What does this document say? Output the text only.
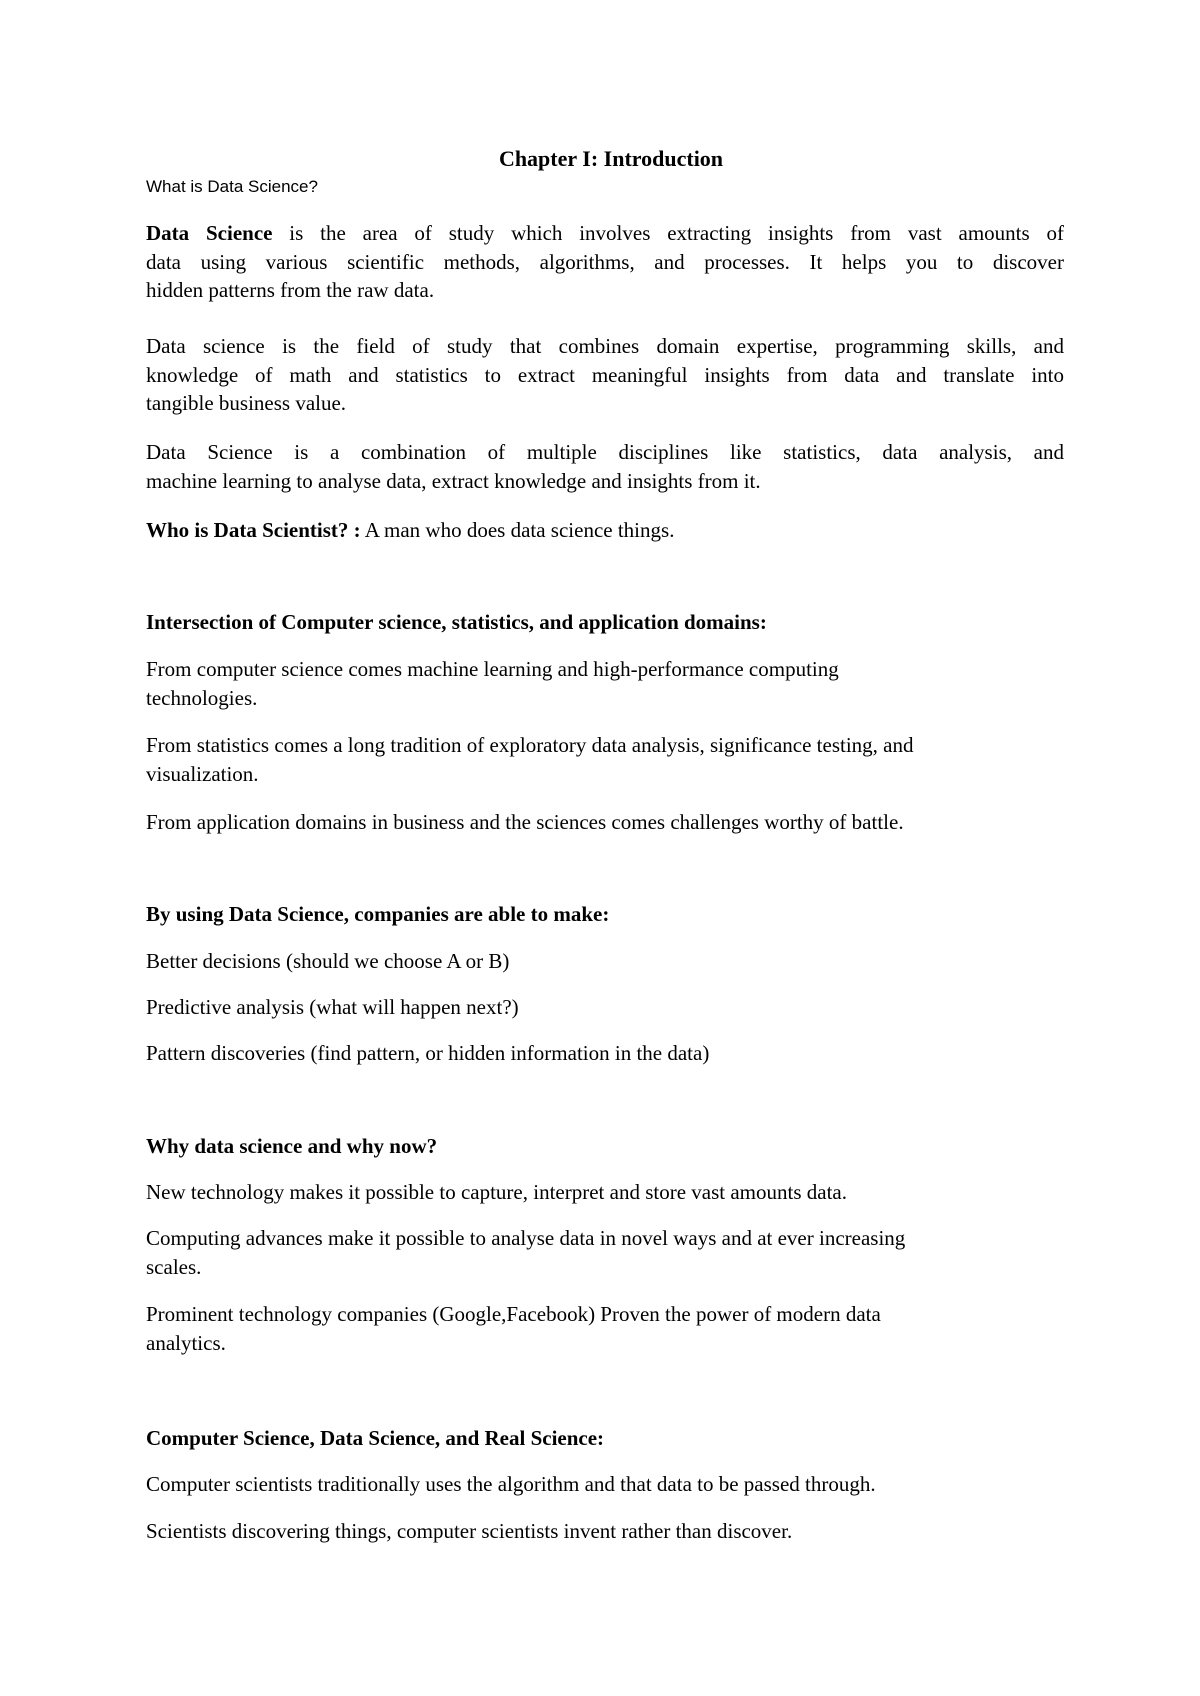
Chapter I: Introduction
What is Data Science?
Data Science is the area of study which involves extracting insights from vast amounts of
data using various scientific methods, algorithms, and processes. It helps you to discover
hidden patterns from the raw data.
Data science is the field of study that combines domain expertise, programming skills, and
knowledge of math and statistics to extract meaningful insights from data and translate into
tangible business value.
Data Science is a combination of multiple disciplines like statistics, data analysis, and
machine learning to analyse data, extract knowledge and insights from it.
Who is Data Scientist? : A man who does data science things.
Intersection of Computer science, statistics, and application domains:
From computer science comes machine learning and high-performance computing
technologies.
From statistics comes a long tradition of exploratory data analysis, significance testing, and
visualization.
From application domains in business and the sciences comes challenges worthy of battle.
By using Data Science, companies are able to make:
Better decisions (should we choose A or B)
Predictive analysis (what will happen next?)
Pattern discoveries (find pattern, or hidden information in the data)
Why data science and why now?
New technology makes it possible to capture, interpret and store vast amounts data.
Computing advances make it possible to analyse data in novel ways and at ever increasing
scales.
Prominent technology companies (Google,Facebook) Proven the power of modern data
analytics.
Computer Science, Data Science, and Real Science:
Computer scientists traditionally uses the algorithm and that data to be passed through.
Scientists discovering things, computer scientists invent rather than discover.
